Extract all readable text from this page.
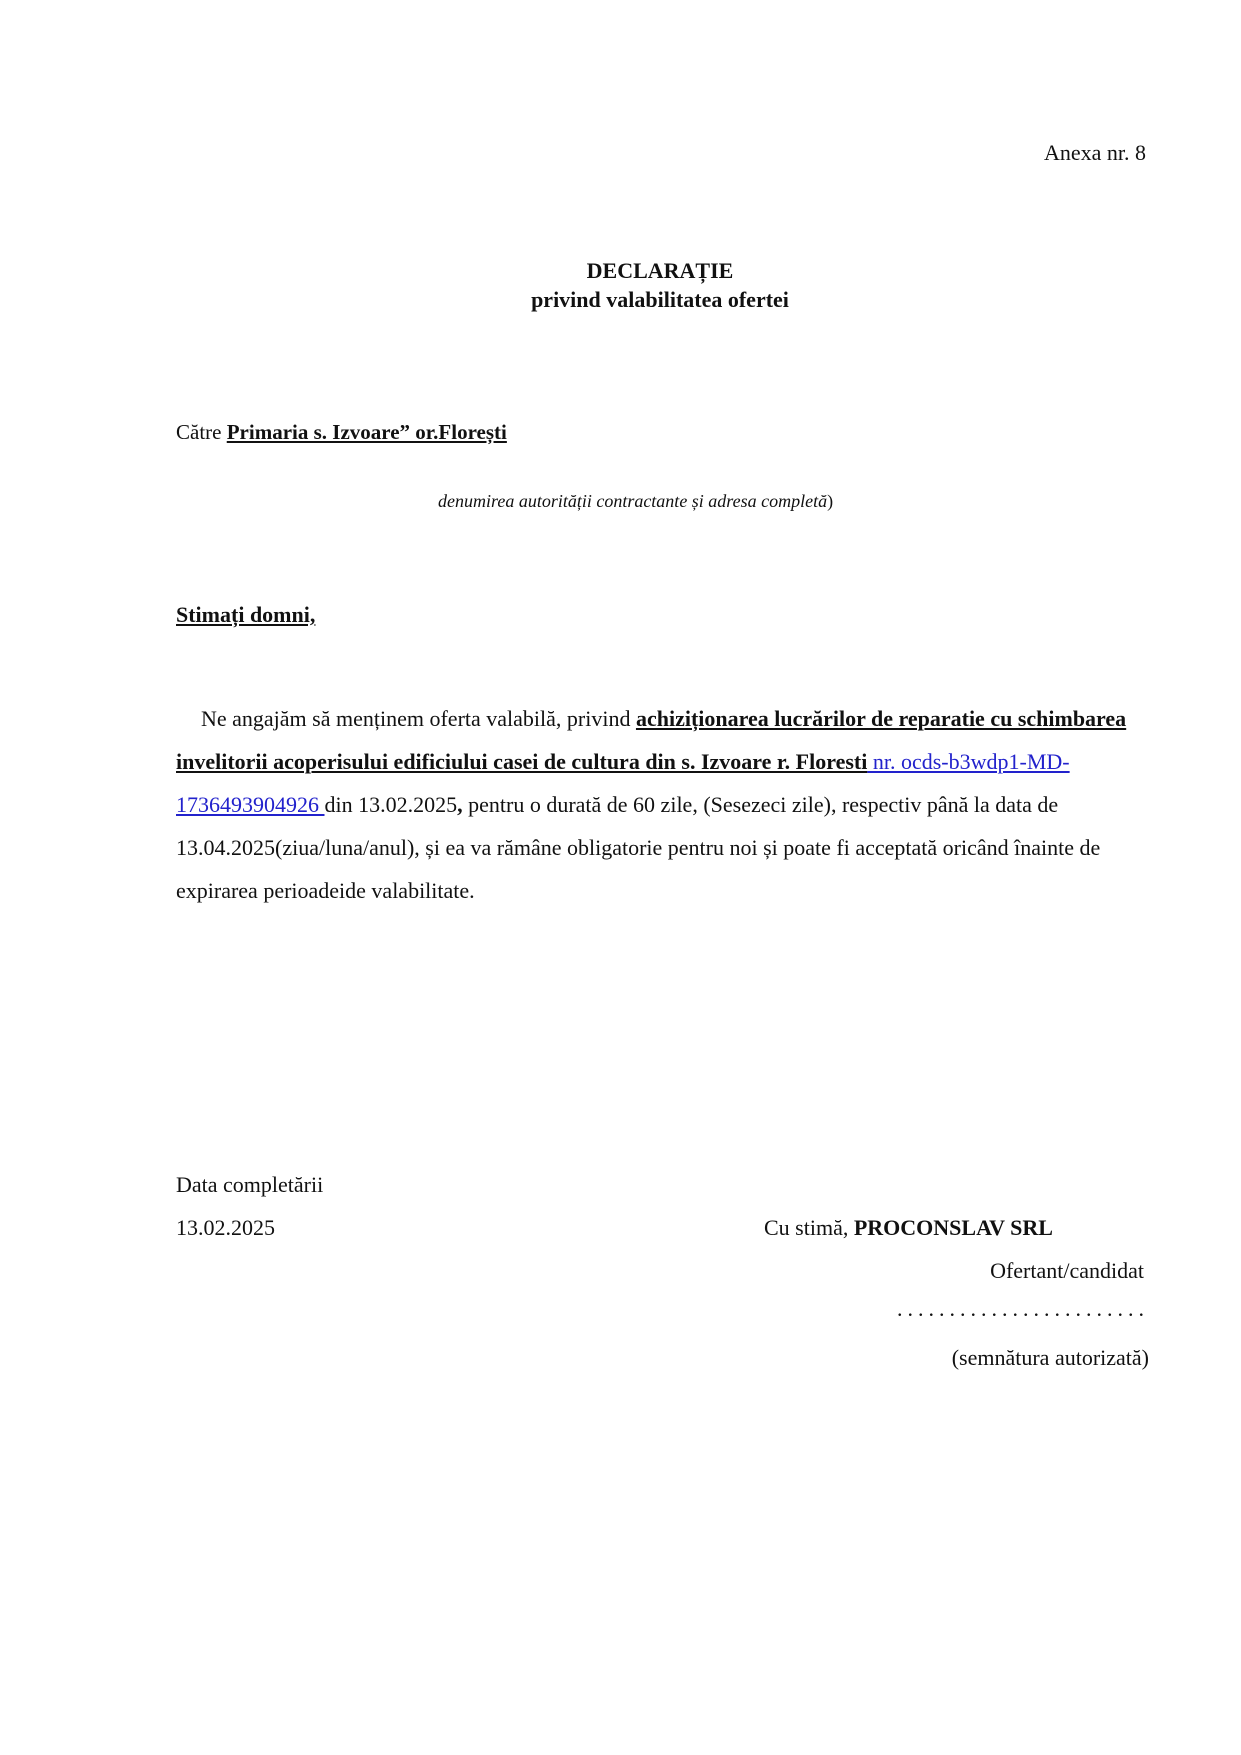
Anexa nr. 8
DECLARAȚIE
privind valabilitatea ofertei
Către Primaria s. Izvoare” or.Florești
denumirea autorității contractante și adresa completă)
Stimați domni,
Ne angajăm să menținem oferta valabilă, privind achiziționarea lucrărilor de reparatie cu schimbarea invelitorii acoperisului edificiului casei de cultura din s. Izvoare r. Floresti nr. ocds-b3wdp1-MD-1736493904926 din 13.02.2025, pentru o durată de 60 zile, (Sesezeci zile), respectiv până la data de 13.04.2025(ziua/luna/anul), și ea va rămâne obligatorie pentru noi și poate fi acceptată oricând înainte de expirarea perioadeide valabilitate.
Data completării
13.02.2025	Cu stimă, PROCONSLAV SRL
Ofertant/candidat
........................
(semnătura autorizată)
